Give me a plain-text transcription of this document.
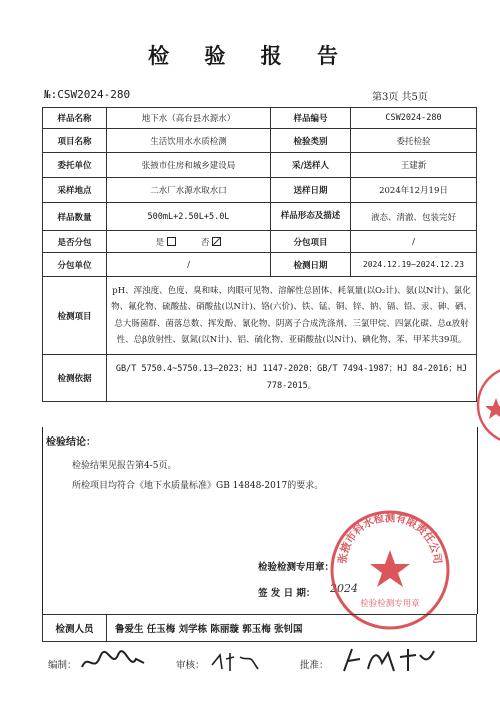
检 验 报 告
№:CSW2024-280	第3页 共5页
样品名称	地下水（高台县水源水）	样品编号	CSW2024-280
项目名称	生活饮用水水质检测	检验类别	委托检验
委托单位	张掖市住房和城乡建设局	采/送样人	王建新
采样地点	二水厂水源水取水口	送样日期	2024年12月19日
样品数量	500mL+2.50L+5.0L	样品形态及描述	液态、清澈、包装完好
是否分包	是 否	分包项目	/
分包单位	/	检测日期	2024.12.19~2024.12.23
检测项目	pH、浑浊度、色度、臭和味、肉眼可见物、溶解性总固体、耗氧量(以O₂计)、氨(以N计)、氯化物、氟化物、硫酸盐、硝酸盐(以N计)、铬(六价)、铁、锰、铜、锌、钠、镉、铅、汞、砷、硒、总大肠菌群、菌落总数、挥发酚、氰化物、阴离子合成洗涤剂、三氯甲烷、四氯化碳、总α放射性、总β放射性、氨氮(以N计)、铝、硫化物、亚硝酸盐(以N计)、碘化物、苯、甲苯共39项。		
检测依据	GB/T 5750.4~5750.13—2023；HJ 1147-2020；GB/T 7494-1987；HJ 84-2016；HJ 778-2015。		
检验结论：
检验结果见报告第4-5页。
所检项目均符合《地下水质量标准》GB 14848-2017的要求。
检验检测专用章：
签 发 日 期： 2024
张掖市科水检测有限责任公司
检验检测专用章
检测人员	鲁爱生 任玉梅 刘学栋 陈丽璇 郭玉梅 张钊国
编制：	审核：	批准：
